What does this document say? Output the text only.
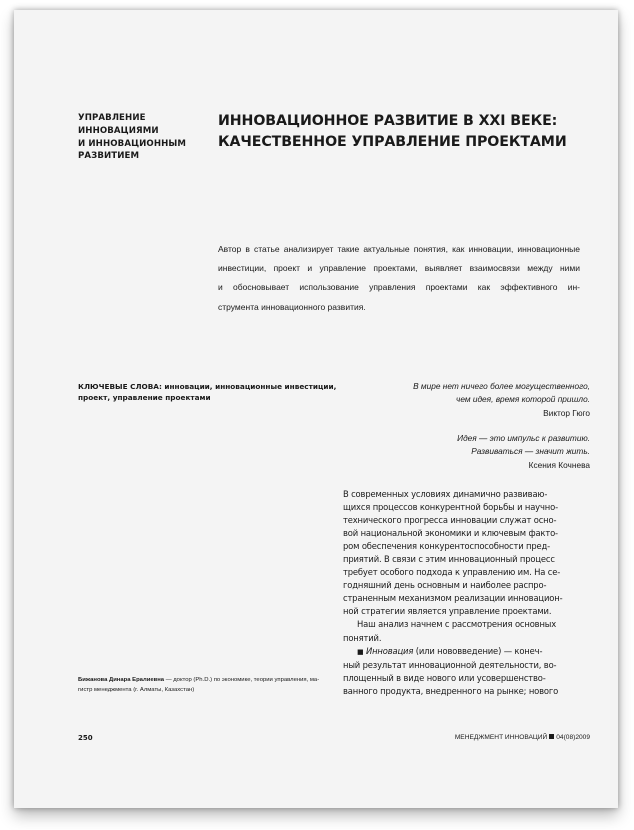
УПРАВЛЕНИЕ
ИННОВАЦИЯМИ
И ИННОВАЦИОННЫМ
РАЗВИТИЕМ
ИННОВАЦИОННОЕ РАЗВИТИЕ В XXI ВЕКЕ:
КАЧЕСТВЕННОЕ УПРАВЛЕНИЕ ПРОЕКТАМИ
Автор в статье анализирует такие актуальные понятия, как инновации, инновационные
инвестиции, проект и управление проектами, выявляет взаимосвязи между ними
и обосновывает использование управления проектами как эффективного ин-
струмента инновационного развития.
КЛЮЧЕВЫЕ СЛОВА: инновации, инновационные инвестиции,
проект, управление проектами
В мире нет ничего более могущественного,
чем идея, время которой пришло.
Виктор Гюго
Идея — это импульс к развитию.
Развиваться — значит жить.
Ксения Кочнева
В современных условиях динамично развиваю-
щихся процессов конкурентной борьбы и научно-
технического прогресса инновации служат осно-
вой национальной экономики и ключевым факто-
ром обеспечения конкурентоспособности пред-
приятий. В связи с этим инновационный процесс
требует особого подхода к управлению им. На се-
годняшний день основным и наиболее распро-
страненным механизмом реализации инновацион-
ной стратегии является управление проектами.
Наш анализ начнем с рассмотрения основных
понятий.
■ Инновация (или нововведение) — конеч-
ный результат инновационной деятельности, во-
площенный в виде нового или усовершенство-
ванного продукта, внедренного на рынке; нового
Бижанова Динара Ералиевна — доктор (Ph.D.) по экономике, теории управления, ма-
гистр менеджмента (г. Алматы, Казахстан)
250	МЕНЕДЖМЕНТ ИННОВАЦИЙ 04(08)2009
